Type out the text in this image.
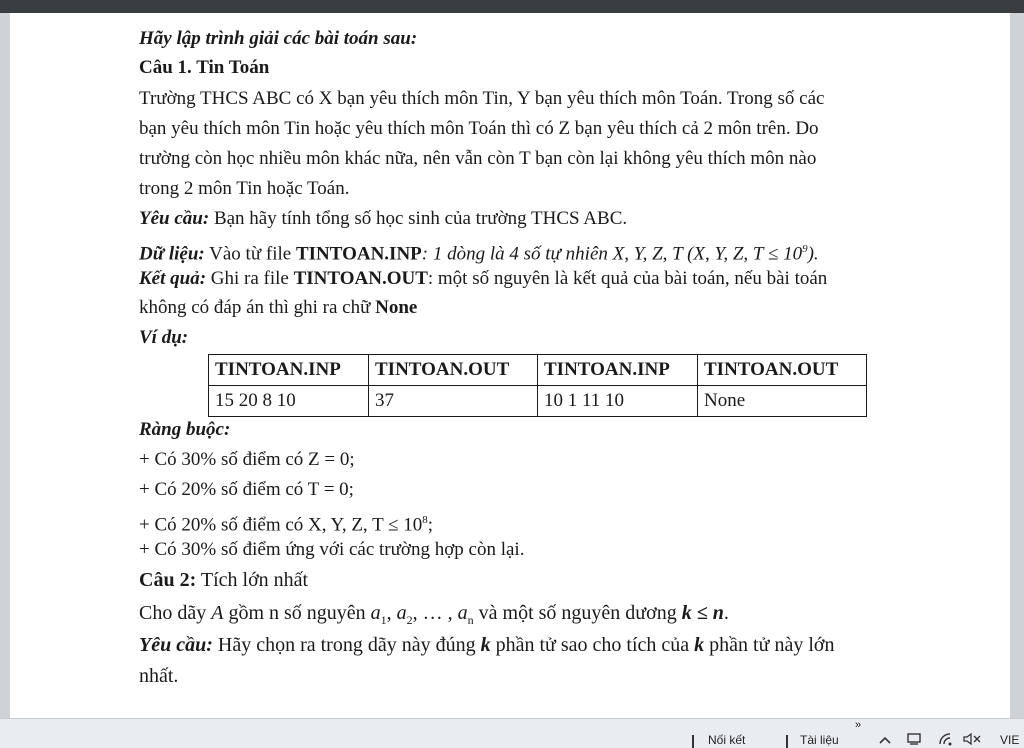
Hãy lập trình giải các bài toán sau:
Câu 1. Tin Toán
Trường THCS ABC có X bạn yêu thích môn Tin, Y bạn yêu thích môn Toán. Trong số các
bạn yêu thích môn Tin hoặc yêu thích môn Toán thì có Z bạn yêu thích cả 2 môn trên. Do
trường còn học nhiều môn khác nữa, nên vẫn còn T bạn còn lại không yêu thích môn nào
trong 2 môn Tin hoặc Toán.
Yêu cầu: Bạn hãy tính tổng số học sinh của trường THCS ABC.
Dữ liệu: Vào từ file TINTOAN.INP: 1 dòng là 4 số tự nhiên X, Y, Z, T (X, Y, Z, $T \le 10^9$).
Kết quả: Ghi ra file TINTOAN.OUT: một số nguyên là kết quả của bài toán, nếu bài toán
không có đáp án thì ghi ra chữ None
Ví dụ:
TINTOAN.INP	TINTOAN.OUT	TINTOAN.INP	TINTOAN.OUT
15 20 8 10	37	10 1 11 10	None
Ràng buộc:
+ Có 30% số điểm có Z = 0;
+ Có 20% số điểm có T = 0;
+ Có 20% số điểm có X, Y, Z, $T \le 10^8$;
+ Có 30% số điểm ứng với các trường hợp còn lại.
Câu 2: Tích lớn nhất
Cho dãy A gồm n số nguyên $a_1$, $a_2$, … , $a_n$ và một số nguyên dương k ≤ n.
Yêu cầu: Hãy chọn ra trong dãy này đúng k phần tử sao cho tích của k phần tử này lớn
nhất.
»
Nối kết	Tài liệu	VIE
